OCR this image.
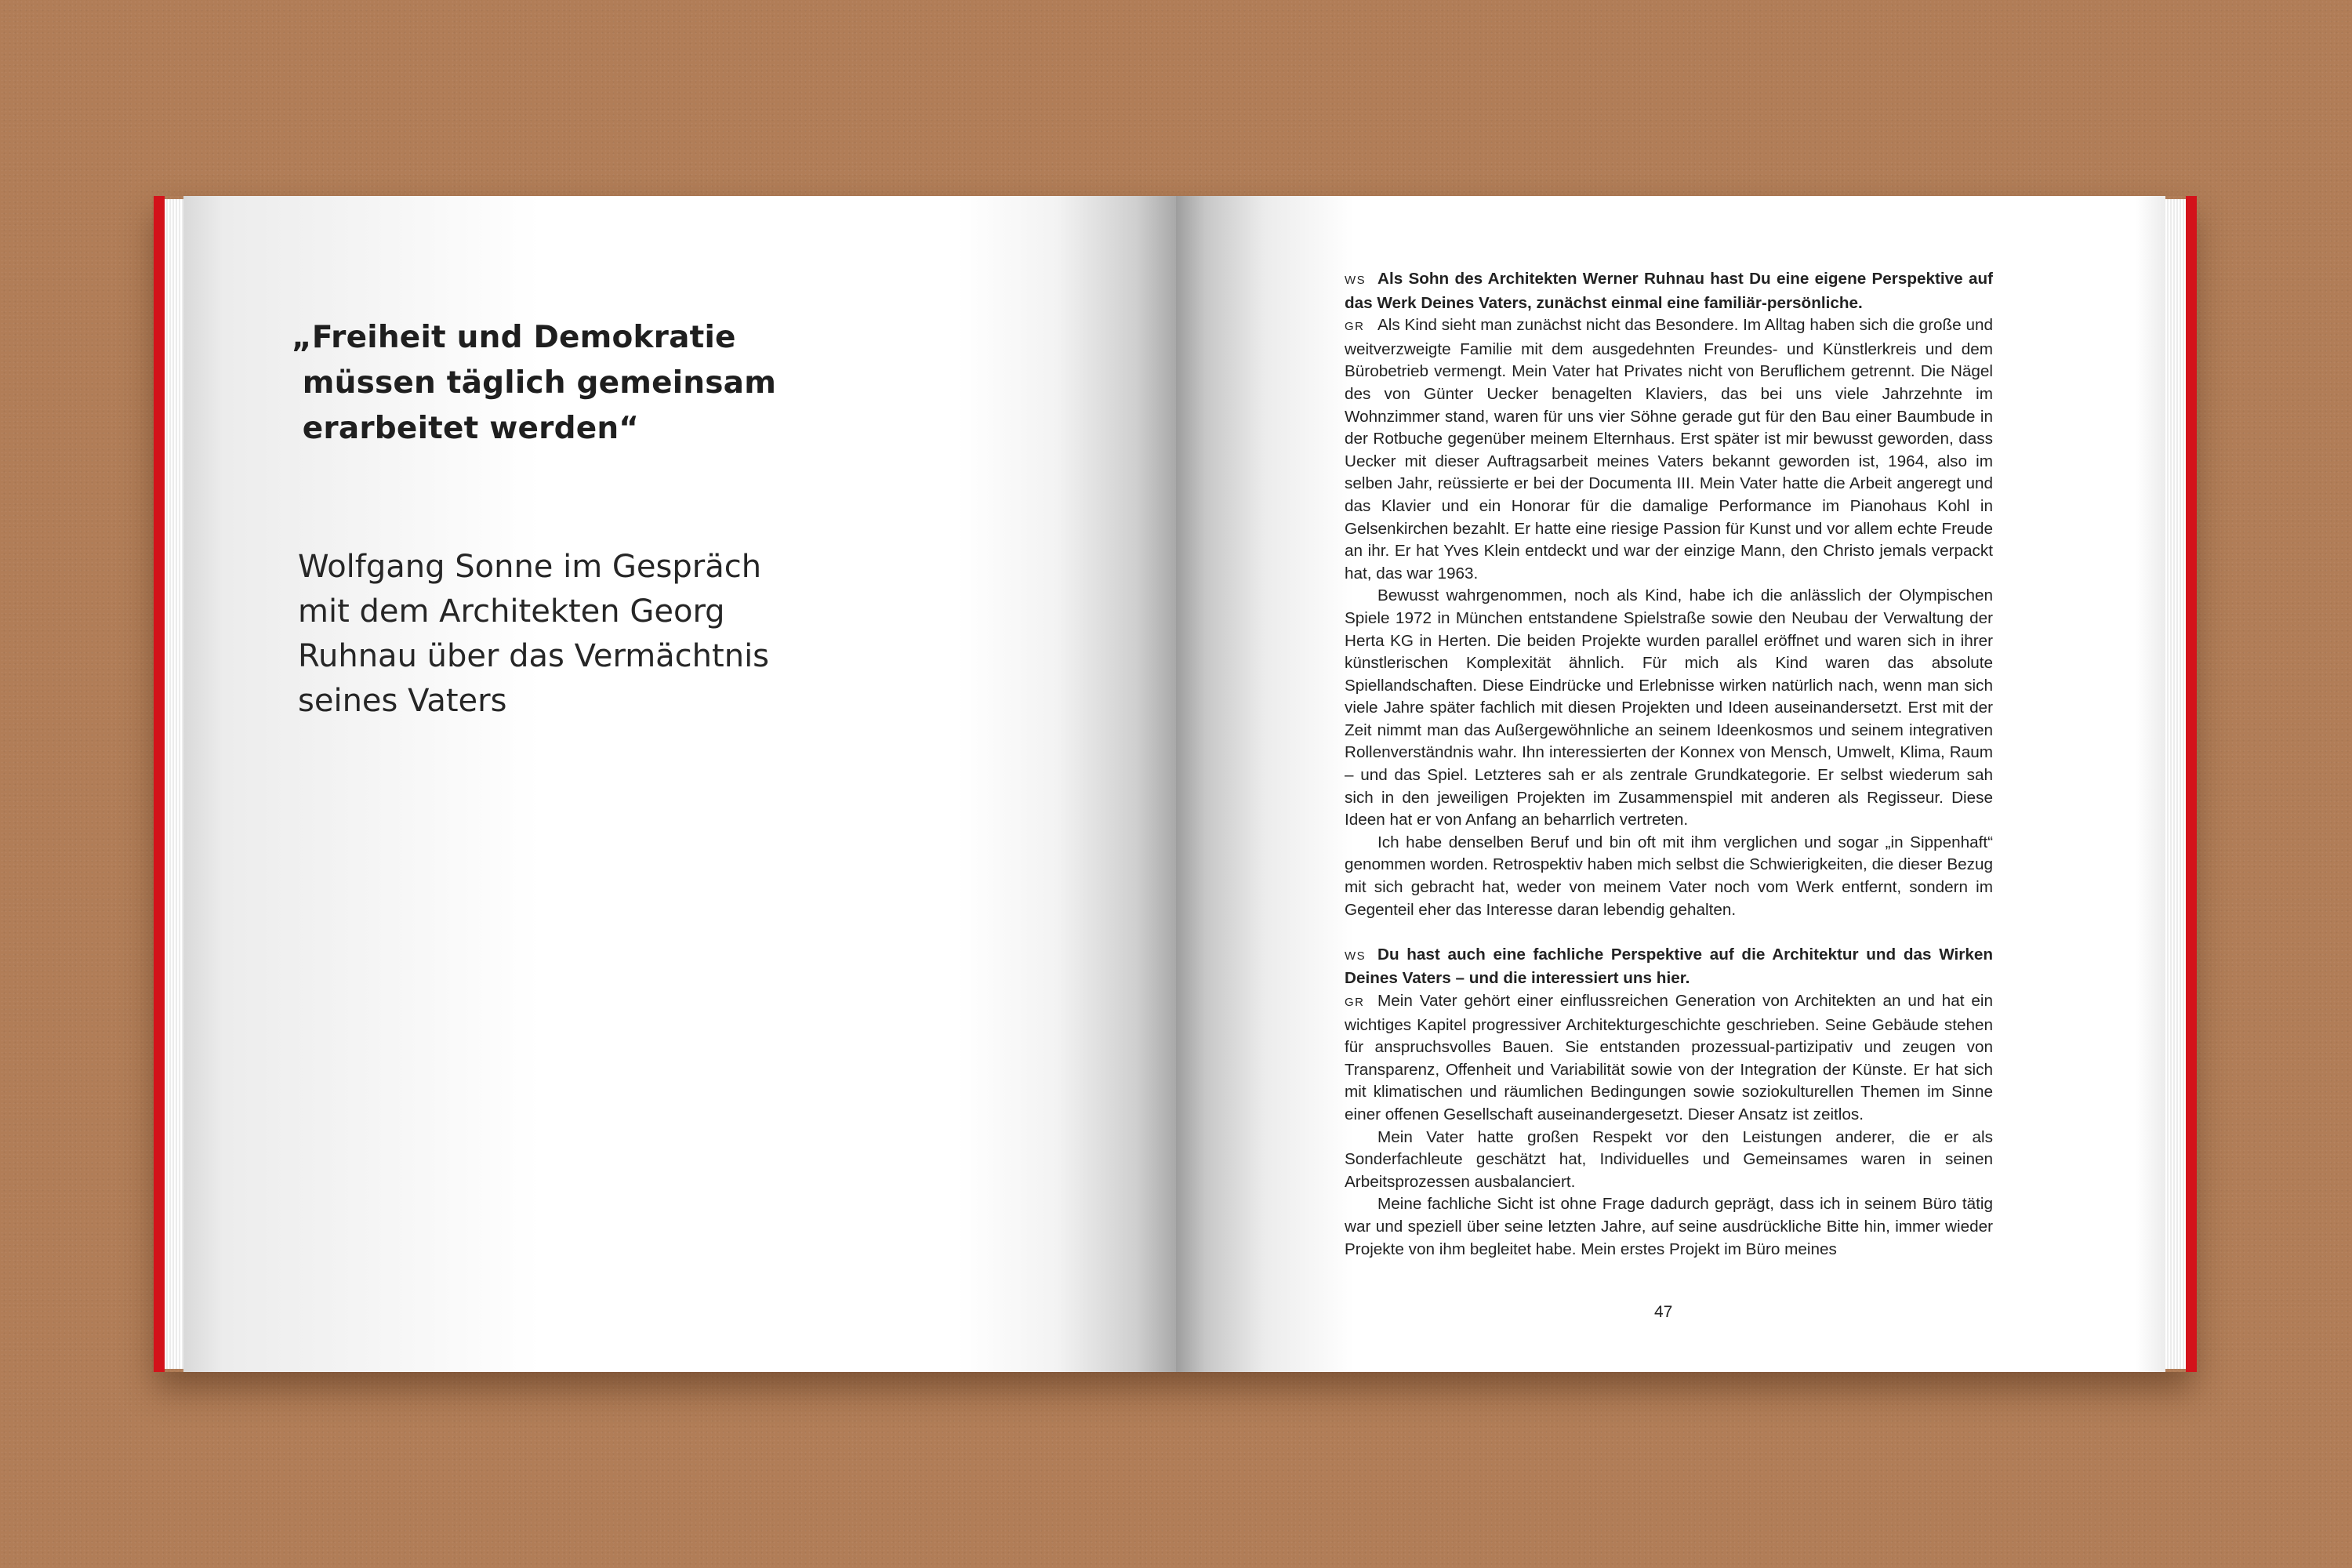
„Freiheit und Demokratie
müssen täglich gemeinsam
erarbeitet werden“
Wolfgang Sonne im Gespräch
mit dem Architekten Georg
Ruhnau über das Vermächtnis
seines Vaters

WS Als Sohn des Architekten Werner Ruhnau hast Du eine eigene Perspektive auf das Werk Deines Vaters, zunächst einmal eine familiär-persönliche.

GR Als Kind sieht man zunächst nicht das Besondere. Im Alltag haben sich die große und weitverzweigte Familie mit dem ausgedehnten Freundes- und Künstlerkreis und dem Bürobetrieb vermengt. Mein Vater hat Privates nicht von Beruflichem getrennt. Die Nägel des von Günter Uecker benagelten Klaviers, das bei uns viele Jahrzehnte im Wohnzimmer stand, waren für uns vier Söhne gerade gut für den Bau einer Baumbude in der Rotbuche gegenüber meinem Elternhaus. Erst später ist mir bewusst geworden, dass Uecker mit dieser Auftragsarbeit meines Vaters bekannt geworden ist, 1964, also im selben Jahr, reüssierte er bei der Documenta III. Mein Vater hatte die Arbeit angeregt und das Klavier und ein Honorar für die damalige Performance im Pianohaus Kohl in Gelsenkirchen bezahlt. Er hatte eine riesige Passion für Kunst und vor allem echte Freude an ihr. Er hat Yves Klein entdeckt und war der einzige Mann, den Christo jemals verpackt hat, das war 1963.

Bewusst wahrgenommen, noch als Kind, habe ich die anlässlich der Olympischen Spiele 1972 in München entstandene Spielstraße sowie den Neubau der Verwaltung der Herta KG in Herten. Die beiden Projekte wurden parallel eröffnet und waren sich in ihrer künstlerischen Komplexität ähnlich. Für mich als Kind waren das absolute Spiellandschaften. Diese Eindrücke und Erlebnisse wirken natürlich nach, wenn man sich viele Jahre später fachlich mit diesen Projekten und Ideen auseinandersetzt. Erst mit der Zeit nimmt man das Außergewöhnliche an seinem Ideenkosmos und seinem integrativen Rollenverständnis wahr. Ihn interessierten der Konnex von Mensch, Umwelt, Klima, Raum – und das Spiel. Letzteres sah er als zentrale Grundkategorie. Er selbst wiederum sah sich in den jeweiligen Projekten im Zusammenspiel mit anderen als Regisseur. Diese Ideen hat er von Anfang an beharrlich vertreten.

Ich habe denselben Beruf und bin oft mit ihm verglichen und sogar „in Sippenhaft“ genommen worden. Retrospektiv haben mich selbst die Schwierigkeiten, die dieser Bezug mit sich gebracht hat, weder von meinem Vater noch vom Werk entfernt, sondern im Gegenteil eher das Interesse daran lebendig gehalten.

WS Du hast auch eine fachliche Perspektive auf die Architektur und das Wirken Deines Vaters – und die interessiert uns hier.

GR Mein Vater gehört einer einflussreichen Generation von Architekten an und hat ein wichtiges Kapitel progressiver Architekturgeschichte geschrieben. Seine Gebäude stehen für anspruchsvolles Bauen. Sie entstanden prozessual-partizipativ und zeugen von Transparenz, Offenheit und Variabilität sowie von der Integration der Künste. Er hat sich mit klimatischen und räumlichen Bedingungen sowie soziokulturellen Themen im Sinne einer offenen Gesellschaft auseinandergesetzt. Dieser Ansatz ist zeitlos.

Mein Vater hatte großen Respekt vor den Leistungen anderer, die er als Sonderfachleute geschätzt hat, Individuelles und Gemeinsames waren in seinen Arbeitsprozessen ausbalanciert.

Meine fachliche Sicht ist ohne Frage dadurch geprägt, dass ich in seinem Büro tätig war und speziell über seine letzten Jahre, auf seine ausdrückliche Bitte hin, immer wieder Projekte von ihm begleitet habe. Mein erstes Projekt im Büro meines

47
